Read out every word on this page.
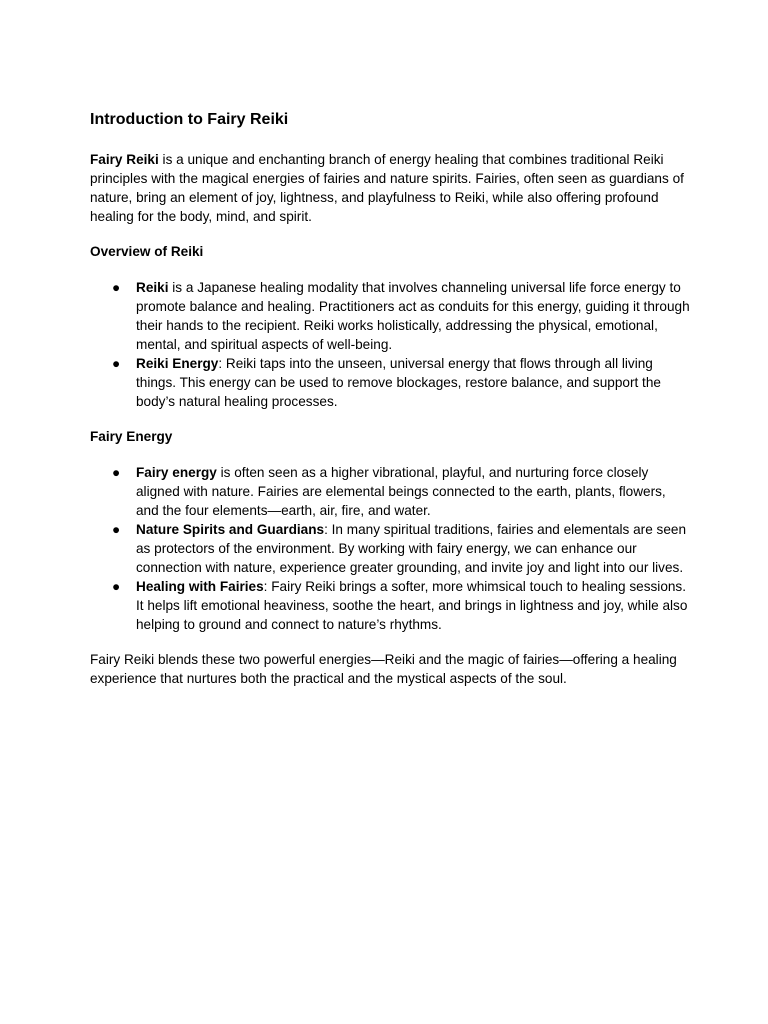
Introduction to Fairy Reiki

Fairy Reiki is a unique and enchanting branch of energy healing that combines traditional Reiki principles with the magical energies of fairies and nature spirits. Fairies, often seen as guardians of nature, bring an element of joy, lightness, and playfulness to Reiki, while also offering profound healing for the body, mind, and spirit.

Overview of Reiki
● Reiki is a Japanese healing modality that involves channeling universal life force energy to promote balance and healing. Practitioners act as conduits for this energy, guiding it through their hands to the recipient. Reiki works holistically, addressing the physical, emotional, mental, and spiritual aspects of well-being.
● Reiki Energy: Reiki taps into the unseen, universal energy that flows through all living things. This energy can be used to remove blockages, restore balance, and support the body’s natural healing processes.
Fairy Energy
● Fairy energy is often seen as a higher vibrational, playful, and nurturing force closely aligned with nature. Fairies are elemental beings connected to the earth, plants, flowers, and the four elements—earth, air, fire, and water.
● Nature Spirits and Guardians: In many spiritual traditions, fairies and elementals are seen as protectors of the environment. By working with fairy energy, we can enhance our connection with nature, experience greater grounding, and invite joy and light into our lives.
● Healing with Fairies: Fairy Reiki brings a softer, more whimsical touch to healing sessions. It helps lift emotional heaviness, soothe the heart, and brings in lightness and joy, while also helping to ground and connect to nature’s rhythms.

Fairy Reiki blends these two powerful energies—Reiki and the magic of fairies—offering a healing experience that nurtures both the practical and the mystical aspects of the soul.
